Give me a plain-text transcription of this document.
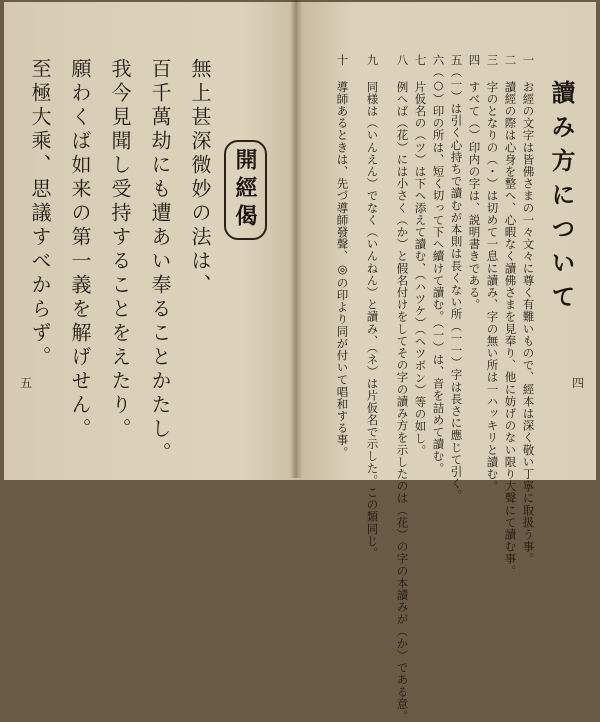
開經偈
無上甚深微妙の法は、
百千萬劫にも遭あい奉ることかたし。
我今見聞し受持することをえたり。
願わくば如来の第一義を解げせん。
至極大乘、思議すべからず。
五
讀み方について
一 お經の文字は皆佛さまの一々文々に尊く有難いもので、經本は深く敬い丁寧に取扱う事。
二 讀經の際は心身を整へ、心暇なく讀佛さまを見奉り、他に妨げのない限り大聲にて讀む事。
三 字のとなりの（・）は切めて一息に讀み、字の無い所は一ハッキリと讀む。
四 すべて（）印内の字は、説明書きである。
五（一）は引く心持ちで讀むが本則は長くない所（一一）字は長さに應じて引く。
六（○）印の所は、短く切って下へ續けて讀む。（一）は、音を詰めて讀む。
七 片仮名の（ツ）は下へ添えて讀む、（ハツケ）（ヘツボン）等の如し。
八 例へば（花）には小さく（か）と假名付けをしてその字の讀み方を示したのは（花）の字の本讀みが（か）である意。
九 同様は（いんえん）でなく（いんねん）と讀み、（ネ）は片仮名で示した。この類同じ。
十 導師あるときは、先づ導師發聲、◎の印より同が付いて唱和する事。	四
